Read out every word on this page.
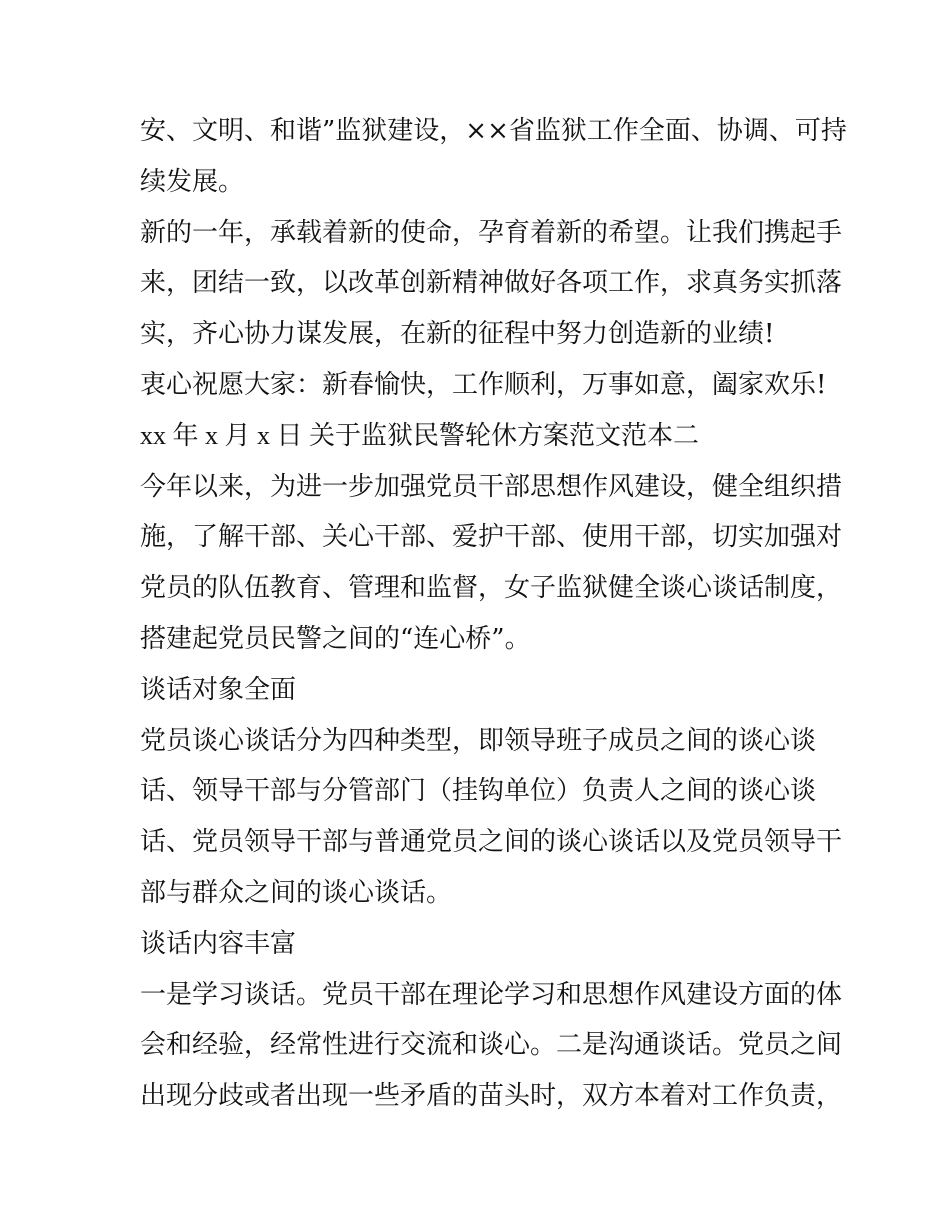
安、文明、和谐”监狱建设，××省监狱工作全面、协调、可持
续发展。
新的一年，承载着新的使命，孕育着新的希望。让我们携起手
来，团结一致，以改革创新精神做好各项工作，求真务实抓落
实，齐心协力谋发展，在新的征程中努力创造新的业绩!
衷心祝愿大家：新春愉快，工作顺利，万事如意，阖家欢乐!
xx 年 x 月 x 日 关于监狱民警轮休方案范文范本二
今年以来，为进一步加强党员干部思想作风建设，健全组织措
施，了解干部、关心干部、爱护干部、使用干部，切实加强对
党员的队伍教育、管理和监督，女子监狱健全谈心谈话制度，
搭建起党员民警之间的“连心桥”。
谈话对象全面
党员谈心谈话分为四种类型，即领导班子成员之间的谈心谈
话、领导干部与分管部门（挂钩单位）负责人之间的谈心谈
话、党员领导干部与普通党员之间的谈心谈话以及党员领导干
部与群众之间的谈心谈话。
谈话内容丰富
一是学习谈话。党员干部在理论学习和思想作风建设方面的体
会和经验，经常性进行交流和谈心。二是沟通谈话。党员之间
出现分歧或者出现一些矛盾的苗头时，双方本着对工作负责，
